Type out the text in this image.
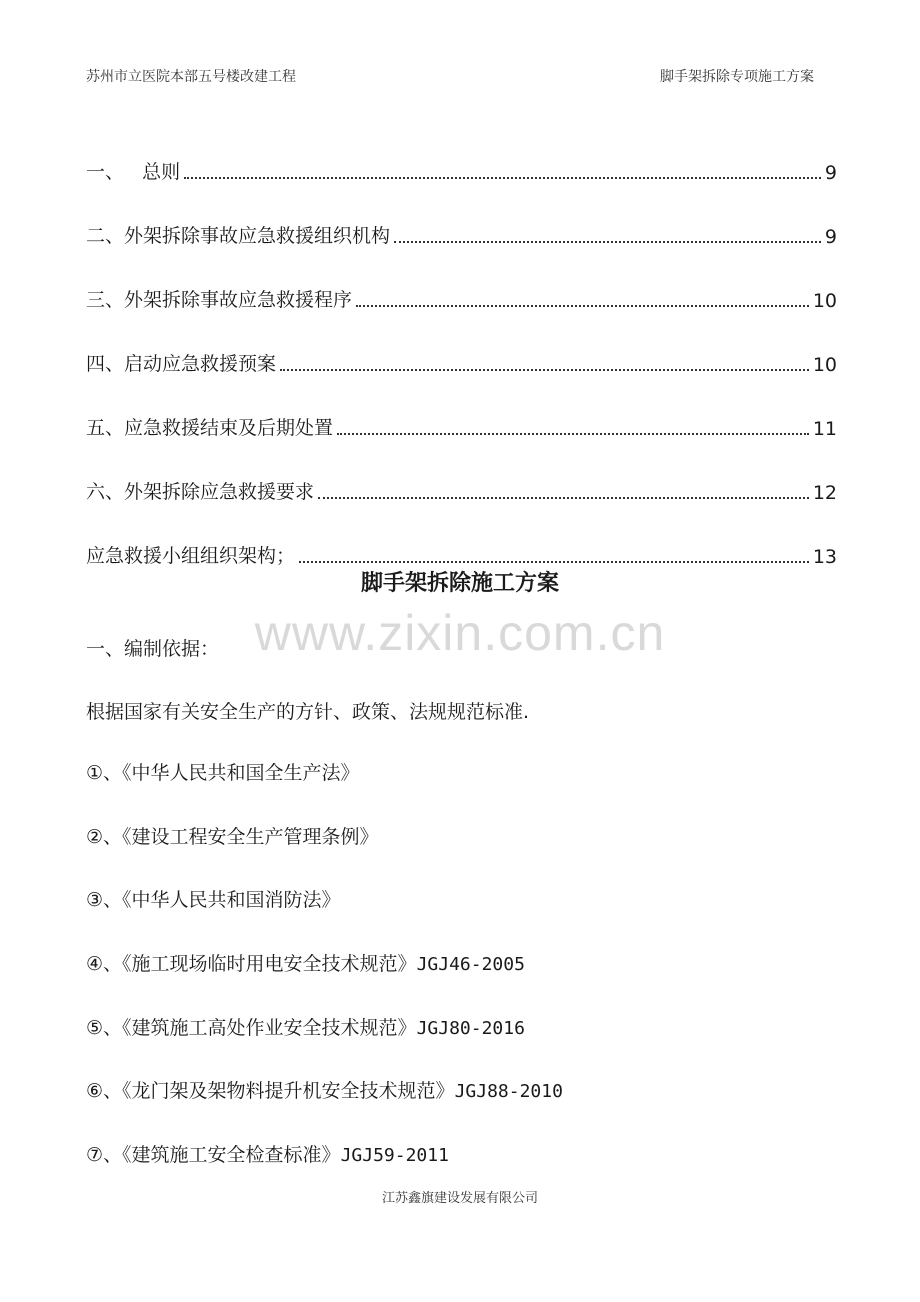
苏州市立医院本部五号楼改建工程	脚手架拆除专项施工方案
一、   总则	9
二、外架拆除事故应急救援组织机构	9
三、外架拆除事故应急救援程序	10
四、启动应急救援预案	10
五、应急救援结束及后期处置	11
六、外架拆除应急救援要求	12
应急救援小组组织架构；	13
脚手架拆除施工方案
www.zixin.com.cn
一、编制依据：
根据国家有关安全生产的方针、政策、法规规范标准.
①、《中华人民共和国全生产法》
②、《建设工程安全生产管理条例》
③、《中华人民共和国消防法》
④、《施工现场临时用电安全技术规范》JGJ46-2005
⑤、《建筑施工高处作业安全技术规范》JGJ80-2016
⑥、《龙门架及架物料提升机安全技术规范》JGJ88-2010
⑦、《建筑施工安全检查标准》JGJ59-2011
江苏鑫旗建设发展有限公司
